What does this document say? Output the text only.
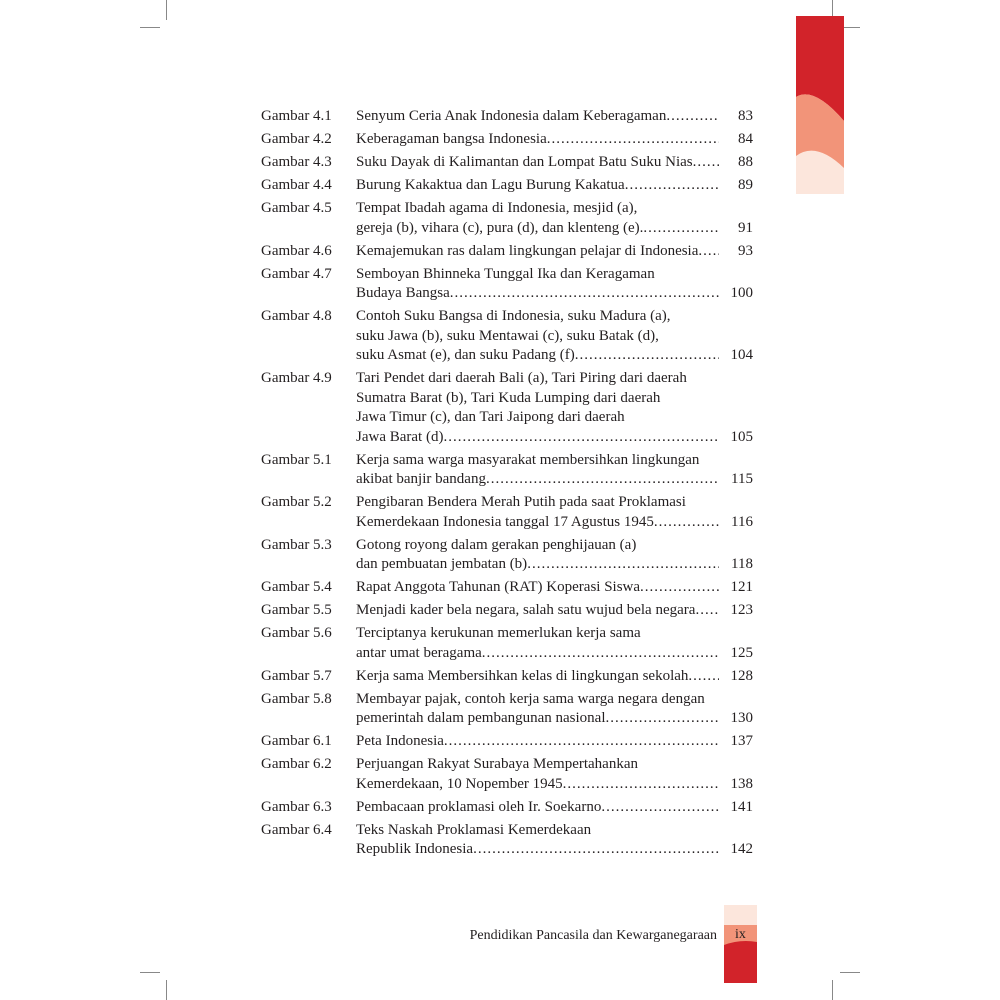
Gambar 4.1	Senyum Ceria Anak Indonesia dalam Keberagaman .....	83
Gambar 4.2	Keberagaman bangsa Indonesia .....	84
Gambar 4.3	Suku Dayak di Kalimantan dan Lompat Batu Suku Nias .....	88
Gambar 4.4	Burung Kakaktua dan Lagu Burung Kakatua .....	89
Gambar 4.5	Tempat Ibadah agama di Indonesia, mesjid (a),
gereja (b), vihara (c), pura (d), dan klenteng (e). .....	91
Gambar 4.6	Kemajemukan ras dalam lingkungan pelajar di Indonesia .....	93
Gambar 4.7	Semboyan Bhinneka Tunggal Ika dan Keragaman
Budaya Bangsa .....	100
Gambar 4.8	Contoh Suku Bangsa di Indonesia, suku Madura (a),
suku Jawa (b), suku Mentawai (c), suku Batak (d),
suku Asmat (e), dan suku Padang (f) .....	104
Gambar 4.9	Tari Pendet dari daerah Bali (a), Tari Piring dari daerah
Sumatra Barat (b), Tari Kuda Lumping dari daerah
Jawa Timur (c), dan Tari Jaipong dari daerah
Jawa Barat (d) .....	105
Gambar 5.1	Kerja sama warga masyarakat membersihkan lingkungan
akibat banjir bandang .....	115
Gambar 5.2	Pengibaran Bendera Merah Putih pada saat Proklamasi
Kemerdekaan Indonesia tanggal 17 Agustus 1945 .....	116
Gambar 5.3	Gotong royong dalam gerakan penghijauan (a)
dan pembuatan jembatan (b) .....	118
Gambar 5.4	Rapat Anggota Tahunan (RAT) Koperasi Siswa .....	121
Gambar 5.5	Menjadi kader bela negara, salah satu wujud bela negara .....	123
Gambar 5.6	Terciptanya kerukunan memerlukan kerja sama
antar umat beragama .....	125
Gambar 5.7	Kerja sama Membersihkan kelas di lingkungan sekolah .....	128
Gambar 5.8	Membayar pajak, contoh kerja sama warga negara dengan
pemerintah dalam pembangunan nasional .....	130
Gambar 6.1	Peta Indonesia .....	137
Gambar 6.2	Perjuangan Rakyat Surabaya Mempertahankan
Kemerdekaan, 10 Nopember 1945 .....	138
Gambar 6.3	Pembacaan proklamasi oleh Ir. Soekarno .....	141
Gambar 6.4	Teks Naskah Proklamasi Kemerdekaan
Republik Indonesia .....	142
Pendidikan Pancasila dan Kewarganegaraan	ix
